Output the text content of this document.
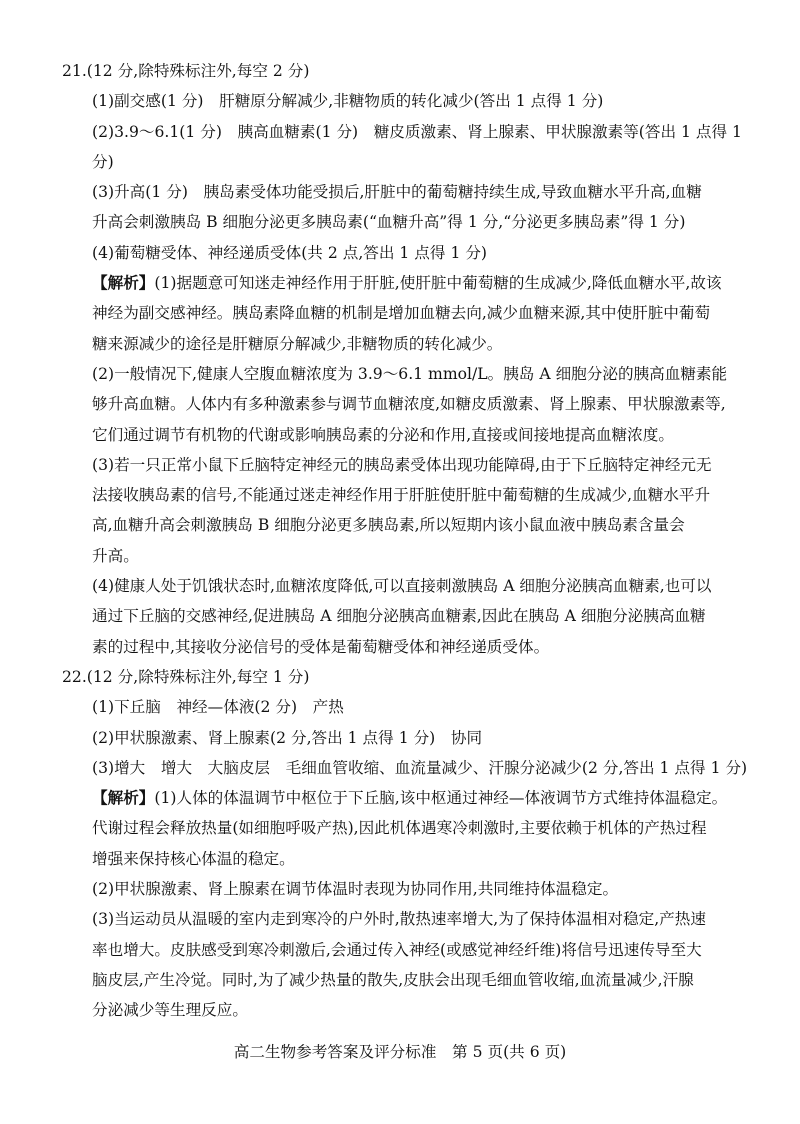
21.(12 分,除特殊标注外,每空 2 分)
(1)副交感(1 分)　肝糖原分解减少,非糖物质的转化减少(答出 1 点得 1 分)
(2)3.9～6.1(1 分)　胰高血糖素(1 分)　糖皮质激素、肾上腺素、甲状腺激素等(答出 1 点得 1
分)
(3)升高(1 分)　胰岛素受体功能受损后,肝脏中的葡萄糖持续生成,导致血糖水平升高,血糖
升高会刺激胰岛 B 细胞分泌更多胰岛素(“血糖升高”得 1 分,“分泌更多胰岛素”得 1 分)
(4)葡萄糖受体、神经递质受体(共 2 点,答出 1 点得 1 分)
【解析】(1)据题意可知迷走神经作用于肝脏,使肝脏中葡萄糖的生成减少,降低血糖水平,故该
神经为副交感神经。胰岛素降血糖的机制是增加血糖去向,减少血糖来源,其中使肝脏中葡萄
糖来源减少的途径是肝糖原分解减少,非糖物质的转化减少。
(2)一般情况下,健康人空腹血糖浓度为 3.9～6.1 mmol/L。胰岛 A 细胞分泌的胰高血糖素能
够升高血糖。人体内有多种激素参与调节血糖浓度,如糖皮质激素、肾上腺素、甲状腺激素等,
它们通过调节有机物的代谢或影响胰岛素的分泌和作用,直接或间接地提高血糖浓度。
(3)若一只正常小鼠下丘脑特定神经元的胰岛素受体出现功能障碍,由于下丘脑特定神经元无
法接收胰岛素的信号,不能通过迷走神经作用于肝脏使肝脏中葡萄糖的生成减少,血糖水平升
高,血糖升高会刺激胰岛 B 细胞分泌更多胰岛素,所以短期内该小鼠血液中胰岛素含量会
升高。
(4)健康人处于饥饿状态时,血糖浓度降低,可以直接刺激胰岛 A 细胞分泌胰高血糖素,也可以
通过下丘脑的交感神经,促进胰岛 A 细胞分泌胰高血糖素,因此在胰岛 A 细胞分泌胰高血糖
素的过程中,其接收分泌信号的受体是葡萄糖受体和神经递质受体。
22.(12 分,除特殊标注外,每空 1 分)
(1)下丘脑　神经—体液(2 分)　产热
(2)甲状腺激素、肾上腺素(2 分,答出 1 点得 1 分)　协同
(3)增大　增大　大脑皮层　毛细血管收缩、血流量减少、汗腺分泌减少(2 分,答出 1 点得 1 分)
【解析】(1)人体的体温调节中枢位于下丘脑,该中枢通过神经—体液调节方式维持体温稳定。
代谢过程会释放热量(如细胞呼吸产热),因此机体遇寒冷刺激时,主要依赖于机体的产热过程
增强来保持核心体温的稳定。
(2)甲状腺激素、肾上腺素在调节体温时表现为协同作用,共同维持体温稳定。
(3)当运动员从温暖的室内走到寒冷的户外时,散热速率增大,为了保持体温相对稳定,产热速
率也增大。皮肤感受到寒冷刺激后,会通过传入神经(或感觉神经纤维)将信号迅速传导至大
脑皮层,产生冷觉。同时,为了减少热量的散失,皮肤会出现毛细血管收缩,血流量减少,汗腺
分泌减少等生理反应。
高二生物参考答案及评分标准　第 5 页(共 6 页)
